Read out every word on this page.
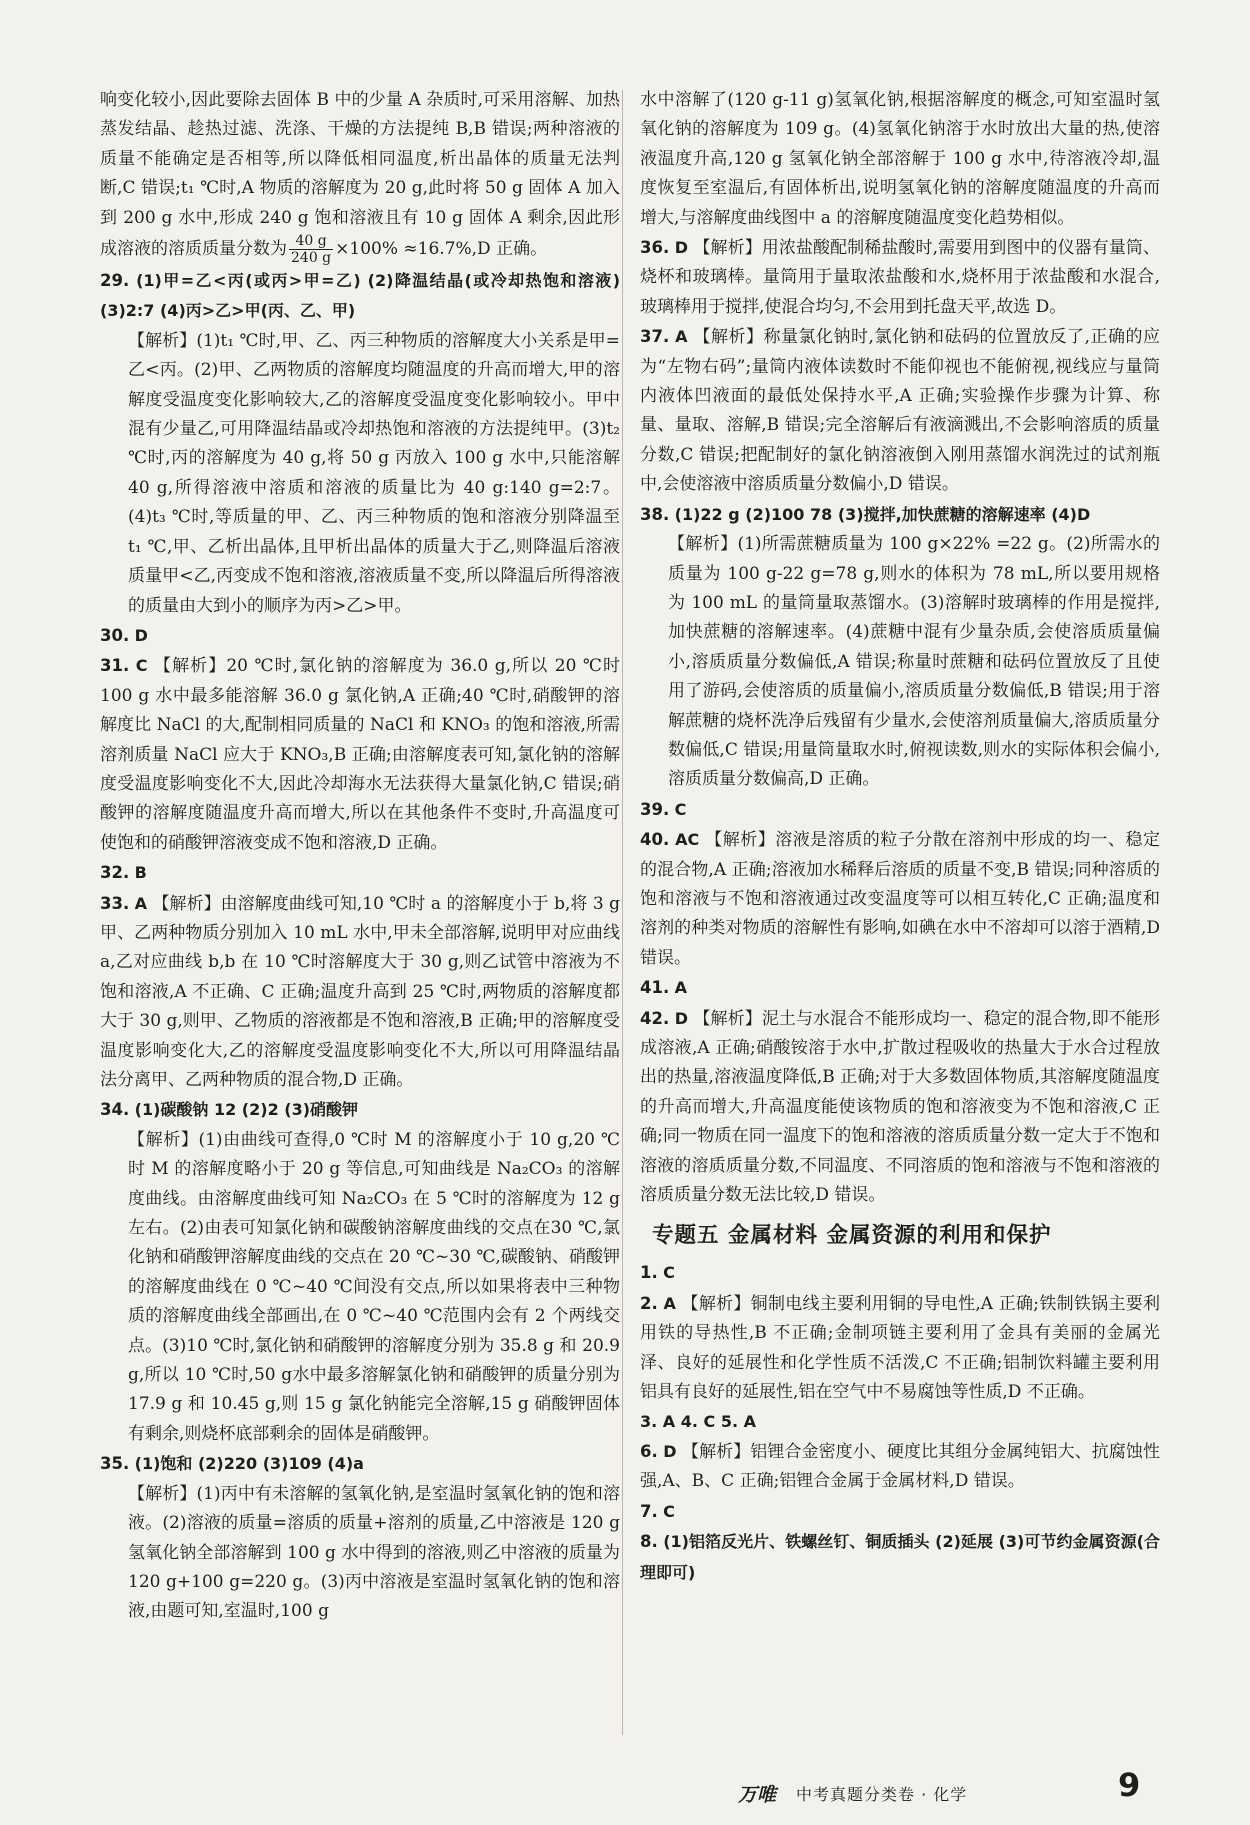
响变化较小,因此要除去固体 B 中的少量 A 杂质时,可采用溶解、加热蒸发结晶、趁热过滤、洗涤、干燥的方法提纯 B,B 错误;两种溶液的质量不能确定是否相等,所以降低相同温度,析出晶体的质量无法判断,C 错误;t₁ ℃时,A 物质的溶解度为 20 g,此时将 50 g 固体 A 加入到 200 g 水中,形成 240 g 饱和溶液且有 10 g 固体 A 剩余,因此形成溶液的溶质质量分数为 $\frac{40 g}{240 g} \times 100\% \approx 16.7\%,D$ 正确。

29. (1)甲=乙<丙(或丙>甲=乙) (2)降温结晶(或冷却热饱和溶液) (3)2:7 (4)丙>乙>甲(丙、乙、甲)

【解析】(1)t₁ ℃时,甲、乙、丙三种物质的溶解度大小关系是甲=乙<丙。(2)甲、乙两物质的溶解度均随温度的升高而增大,甲的溶解度受温度变化影响较大,乙的溶解度受温度变化影响较小。甲中混有少量乙,可用降温结晶或冷却热饱和溶液的方法提纯甲。(3)t₂ ℃时,丙的溶解度为 40 g,将 50 g 丙放入 100 g 水中,只能溶解 40 g,所得溶液中溶质和溶液的质量比为 40 g:140 g=2:7。(4)t₃ ℃时,等质量的甲、乙、丙三种物质的饱和溶液分别降温至 t₁ ℃,甲、乙析出晶体,且甲析出晶体的质量大于乙,则降温后溶液质量甲<乙,丙变成不饱和溶液,溶液质量不变,所以降温后所得溶液的质量由大到小的顺序为丙>乙>甲。

30. D

31. C 【解析】20 ℃时,氯化钠的溶解度为 36.0 g,所以 20 ℃时 100 g 水中最多能溶解 36.0 g 氯化钠,A 正确;40 ℃时,硝酸钾的溶解度比 NaCl 的大,配制相同质量的 NaCl 和 KNO₃ 的饱和溶液,所需溶剂质量 NaCl 应大于 KNO₃,B 正确;由溶解度表可知,氯化钠的溶解度受温度影响变化不大,因此冷却海水无法获得大量氯化钠,C 错误;硝酸钾的溶解度随温度升高而增大,所以在其他条件不变时,升高温度可使饱和的硝酸钾溶液变成不饱和溶液,D 正确。

32. B

33. A 【解析】由溶解度曲线可知,10 ℃时 a 的溶解度小于 b,将 3 g 甲、乙两种物质分别加入 10 mL 水中,甲未全部溶解,说明甲对应曲线 a,乙对应曲线 b,b 在 10 ℃时溶解度大于 30 g,则乙试管中溶液为不饱和溶液,A 不正确、C 正确;温度升高到 25 ℃时,两物质的溶解度都大于 30 g,则甲、乙物质的溶液都是不饱和溶液,B 正确;甲的溶解度受温度影响变化大,乙的溶解度受温度影响变化不大,所以可用降温结晶法分离甲、乙两种物质的混合物,D 正确。

34. (1)碳酸钠 12 (2)2 (3)硝酸钾

【解析】(1)由曲线可查得,0 ℃时 M 的溶解度小于 10 g,20 ℃时 M 的溶解度略小于 20 g 等信息,可知曲线是 Na₂CO₃ 的溶解度曲线。由溶解度曲线可知 Na₂CO₃ 在 5 ℃时的溶解度为 12 g 左右。(2)由表可知氯化钠和碳酸钠溶解度曲线的交点在30 ℃,氯化钠和硝酸钾溶解度曲线的交点在 20 ℃~30 ℃,碳酸钠、硝酸钾的溶解度曲线在 0 ℃~40 ℃间没有交点,所以如果将表中三种物质的溶解度曲线全部画出,在 0 ℃~40 ℃范围内会有 2 个两线交点。(3)10 ℃时,氯化钠和硝酸钾的溶解度分别为 35.8 g 和 20.9 g,所以 10 ℃时,50 g水中最多溶解氯化钠和硝酸钾的质量分别为 17.9 g 和 10.45 g,则 15 g 氯化钠能完全溶解,15 g 硝酸钾固体有剩余,则烧杯底部剩余的固体是硝酸钾。

35. (1)饱和 (2)220 (3)109 (4)a

【解析】(1)丙中有未溶解的氢氧化钠,是室温时氢氧化钠的饱和溶液。(2)溶液的质量=溶质的质量+溶剂的质量,乙中溶液是 120 g 氢氧化钠全部溶解到 100 g 水中得到的溶液,则乙中溶液的质量为 120 g+100 g=220 g。(3)丙中溶液是室温时氢氧化钠的饱和溶液,由题可知,室温时,100 g

水中溶解了(120 g-11 g)氢氧化钠,根据溶解度的概念,可知室温时氢氧化钠的溶解度为 109 g。(4)氢氧化钠溶于水时放出大量的热,使溶液温度升高,120 g 氢氧化钠全部溶解于 100 g 水中,待溶液冷却,温度恢复至室温后,有固体析出,说明氢氧化钠的溶解度随温度的升高而增大,与溶解度曲线图中 a 的溶解度随温度变化趋势相似。

36. D 【解析】用浓盐酸配制稀盐酸时,需要用到图中的仪器有量筒、烧杯和玻璃棒。量筒用于量取浓盐酸和水,烧杯用于浓盐酸和水混合,玻璃棒用于搅拌,使混合均匀,不会用到托盘天平,故选 D。

37. A 【解析】称量氯化钠时,氯化钠和砝码的位置放反了,正确的应为“左物右码”;量筒内液体读数时不能仰视也不能俯视,视线应与量筒内液体凹液面的最低处保持水平,A 正确;实验操作步骤为计算、称量、量取、溶解,B 错误;完全溶解后有液滴溅出,不会影响溶质的质量分数,C 错误;把配制好的氯化钠溶液倒入刚用蒸馏水润洗过的试剂瓶中,会使溶液中溶质质量分数偏小,D 错误。

38. (1)22 g (2)100 78 (3)搅拌,加快蔗糖的溶解速率 (4)D

【解析】(1)所需蔗糖质量为 100 g×22% =22 g。(2)所需水的质量为 100 g-22 g=78 g,则水的体积为 78 mL,所以要用规格为 100 mL 的量筒量取蒸馏水。(3)溶解时玻璃棒的作用是搅拌,加快蔗糖的溶解速率。(4)蔗糖中混有少量杂质,会使溶质质量偏小,溶质质量分数偏低,A 错误;称量时蔗糖和砝码位置放反了且使用了游码,会使溶质的质量偏小,溶质质量分数偏低,B 错误;用于溶解蔗糖的烧杯洗净后残留有少量水,会使溶剂质量偏大,溶质质量分数偏低,C 错误;用量筒量取水时,俯视读数,则水的实际体积会偏小,溶质质量分数偏高,D 正确。

39. C

40. AC 【解析】溶液是溶质的粒子分散在溶剂中形成的均一、稳定的混合物,A 正确;溶液加水稀释后溶质的质量不变,B 错误;同种溶质的饱和溶液与不饱和溶液通过改变温度等可以相互转化,C 正确;温度和溶剂的种类对物质的溶解性有影响,如碘在水中不溶却可以溶于酒精,D 错误。

41. A

42. D 【解析】泥土与水混合不能形成均一、稳定的混合物,即不能形成溶液,A 正确;硝酸铵溶于水中,扩散过程吸收的热量大于水合过程放出的热量,溶液温度降低,B 正确;对于大多数固体物质,其溶解度随温度的升高而增大,升高温度能使该物质的饱和溶液变为不饱和溶液,C 正确;同一物质在同一温度下的饱和溶液的溶质质量分数一定大于不饱和溶液的溶质质量分数,不同温度、不同溶质的饱和溶液与不饱和溶液的溶质质量分数无法比较,D 错误。

专题五 金属材料 金属资源的利用和保护

1. C

2. A 【解析】铜制电线主要利用铜的导电性,A 正确;铁制铁锅主要利用铁的导热性,B 不正确;金制项链主要利用了金具有美丽的金属光泽、良好的延展性和化学性质不活泼,C 不正确;铝制饮料罐主要利用铝具有良好的延展性,铝在空气中不易腐蚀等性质,D 不正确。

3. A 4. C 5. A

6. D 【解析】铝锂合金密度小、硬度比其组分金属纯铝大、抗腐蚀性强,A、B、C 正确;铝锂合金属于金属材料,D 错误。

7. C

8. (1)铝箔反光片、铁螺丝钉、铜质插头 (2)延展 (3)可节约金属资源(合理即可)

万唯 中考真题分类卷 · 化学	9
